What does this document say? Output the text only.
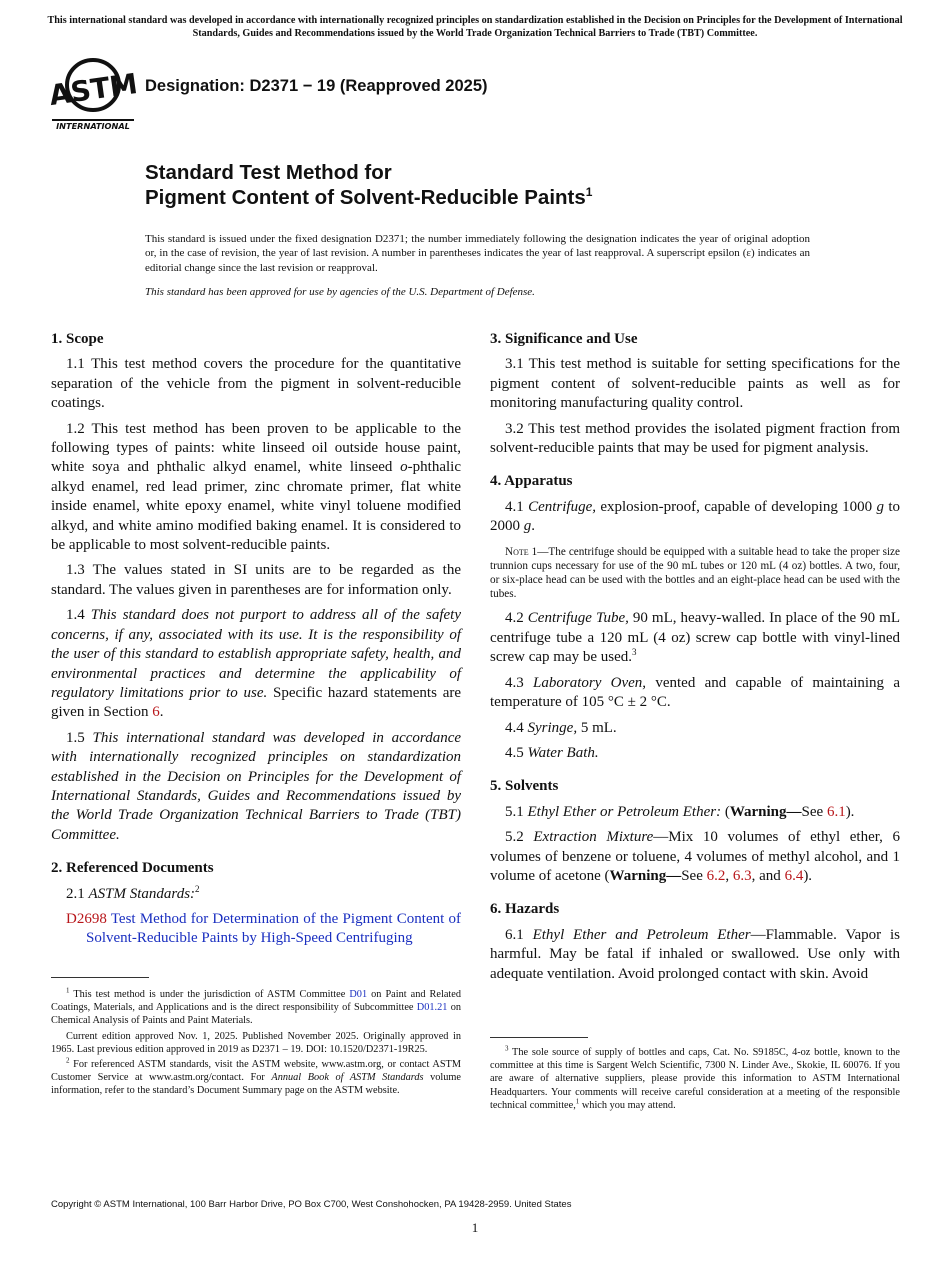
This international standard was developed in accordance with internationally recognized principles on standardization established in the Decision on Principles for the Development of International Standards, Guides and Recommendations issued by the World Trade Organization Technical Barriers to Trade (TBT) Committee.
ASTM
INTERNATIONAL
Designation: D2371 − 19 (Reapproved 2025)
Standard Test Method for
Pigment Content of Solvent-Reducible Paints$^1$
This standard is issued under the fixed designation D2371; the number immediately following the designation indicates the year of original adoption or, in the case of revision, the year of last revision. A number in parentheses indicates the year of last reapproval. A superscript epsilon (ε) indicates an editorial change since the last revision or reapproval.
This standard has been approved for use by agencies of the U.S. Department of Defense.
1. Scope

1.1 This test method covers the procedure for the quantitative separation of the vehicle from the pigment in solvent-reducible coatings.

1.2 This test method has been proven to be applicable to the following types of paints: white linseed oil outside house paint, white soya and phthalic alkyd enamel, white linseed o-phthalic alkyd enamel, red lead primer, zinc chromate primer, flat white inside enamel, white epoxy enamel, white vinyl toluene modified alkyd, and white amino modified baking enamel. It is considered to be applicable to most solvent-reducible paints.

1.3 The values stated in SI units are to be regarded as the standard. The values given in parentheses are for information only.

1.4 This standard does not purport to address all of the safety concerns, if any, associated with its use. It is the responsibility of the user of this standard to establish appropriate safety, health, and environmental practices and determine the applicability of regulatory limitations prior to use. Specific hazard statements are given in Section 6.

1.5 This international standard was developed in accordance with internationally recognized principles on standardization established in the Decision on Principles for the Development of International Standards, Guides and Recommendations issued by the World Trade Organization Technical Barriers to Trade (TBT) Committee.

2. Referenced Documents

2.1 ASTM Standards:$^2$

D2698 Test Method for Determination of the Pigment Content of Solvent-Reducible Paints by High-Speed Centrifuging

3. Significance and Use

3.1 This test method is suitable for setting specifications for the pigment content of solvent-reducible paints as well as for monitoring manufacturing quality control.

3.2 This test method provides the isolated pigment fraction from solvent-reducible paints that may be used for pigment analysis.

4. Apparatus

4.1 Centrifuge, explosion-proof, capable of developing 1000 g to 2000 g.

Note 1—The centrifuge should be equipped with a suitable head to take the proper size trunnion cups necessary for use of the 90 mL tubes or 120 mL (4 oz) bottles. A two, four, or six-place head can be used with the bottles and an eight-place head can be used with the tubes.

4.2 Centrifuge Tube, 90 mL, heavy-walled. In place of the 90 mL centrifuge tube a 120 mL (4 oz) screw cap bottle with vinyl-lined screw cap may be used.$^3$

4.3 Laboratory Oven, vented and capable of maintaining a temperature of 105 °C ± 2 °C.

4.4 Syringe, 5 mL.

4.5 Water Bath.

5. Solvents

5.1 Ethyl Ether or Petroleum Ether: (Warning—See 6.1).

5.2 Extraction Mixture—Mix 10 volumes of ethyl ether, 6 volumes of benzene or toluene, 4 volumes of methyl alcohol, and 1 volume of acetone (Warning—See 6.2, 6.3, and 6.4).

6. Hazards

6.1 Ethyl Ether and Petroleum Ether—Flammable. Vapor is harmful. May be fatal if inhaled or swallowed. Use only with adequate ventilation. Avoid prolonged contact with skin. Avoid

$^1$ This test method is under the jurisdiction of ASTM Committee D01 on Paint and Related Coatings, Materials, and Applications and is the direct responsibility of Subcommittee D01.21 on Chemical Analysis of Paints and Paint Materials.

Current edition approved Nov. 1, 2025. Published November 2025. Originally approved in 1965. Last previous edition approved in 2019 as D2371 – 19. DOI: 10.1520/D2371-19R25.

$^2$ For referenced ASTM standards, visit the ASTM website, www.astm.org, or contact ASTM Customer Service at www.astm.org/contact. For Annual Book of ASTM Standards volume information, refer to the standard’s Document Summary page on the ASTM website.

$^3$ The sole source of supply of bottles and caps, Cat. No. S9185C, 4-oz bottle, known to the committee at this time is Sargent Welch Scientific, 7300 N. Linder Ave., Skokie, IL 60076. If you are aware of alternative suppliers, please provide this information to ASTM International Headquarters. Your comments will receive careful consideration at a meeting of the responsible technical committee,$^1$ which you may attend.

Copyright © ASTM International, 100 Barr Harbor Drive, PO Box C700, West Conshohocken, PA 19428-2959. United States
1
